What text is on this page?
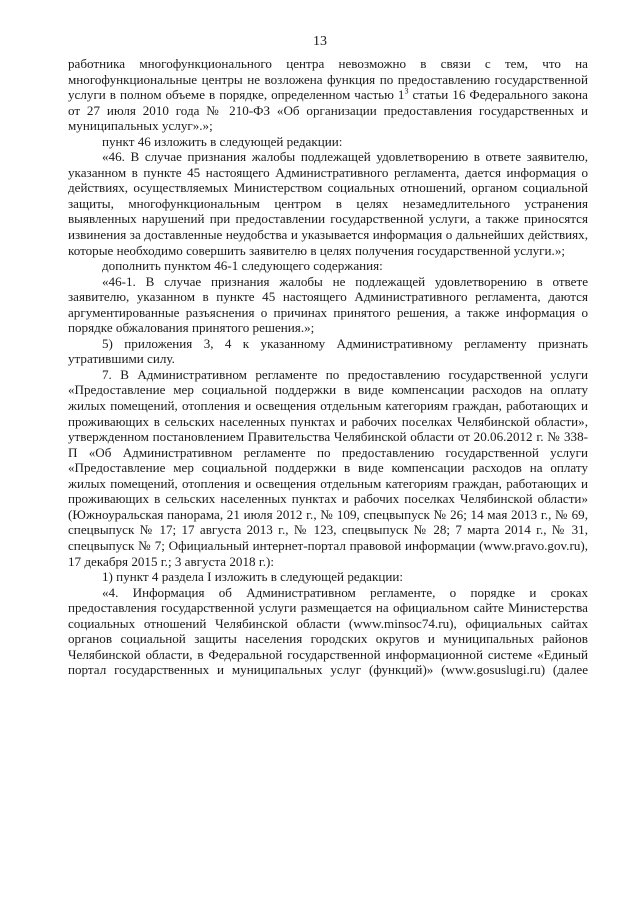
13

работника многофункционального центра невозможно в связи с тем, что на многофункциональные центры не возложена функция по предоставлению государственной услуги в полном объеме в порядке, определенном частью $1^3$ статьи 16 Федерального закона от 27 июля 2010 года № 210-ФЗ «Об организации предоставления государственных и муниципальных услуг».»;

пункт 46 изложить в следующей редакции:

«46. В случае признания жалобы подлежащей удовлетворению в ответе заявителю, указанном в пункте 45 настоящего Административного регламента, дается информация о действиях, осуществляемых Министерством социальных отношений, органом социальной защиты, многофункциональным центром в целях незамедлительного устранения выявленных нарушений при предоставлении государственной услуги, а также приносятся извинения за доставленные неудобства и указывается информация о дальнейших действиях, которые необходимо совершить заявителю в целях получения государственной услуги.»;

дополнить пунктом 46-1 следующего содержания:

«46-1. В случае признания жалобы не подлежащей удовлетворению в ответе заявителю, указанном в пункте 45 настоящего Административного регламента, даются аргументированные разъяснения о причинах принятого решения, а также информация о порядке обжалования принятого решения.»;

5) приложения 3, 4 к указанному Административному регламенту признать утратившими силу.

7. В Административном регламенте по предоставлению государственной услуги «Предоставление мер социальной поддержки в виде компенсации расходов на оплату жилых помещений, отопления и освещения отдельным категориям граждан, работающих и проживающих в сельских населенных пунктах и рабочих поселках Челябинской области», утвержденном постановлением Правительства Челябинской области от 20.06.2012 г. № 338-П «Об Административном регламенте по предоставлению государственной услуги «Предоставление мер социальной поддержки в виде компенсации расходов на оплату жилых помещений, отопления и освещения отдельным категориям граждан, работающих и проживающих в сельских населенных пунктах и рабочих поселках Челябинской области» (Южноуральская панорама, 21 июля 2012 г., № 109, спецвыпуск № 26; 14 мая 2013 г., № 69, спецвыпуск № 17; 17 августа 2013 г., № 123, спецвыпуск № 28; 7 марта 2014 г., № 31, спецвыпуск № 7; Официальный интернет-портал правовой информации (www.pravo.gov.ru), 17 декабря 2015 г.; 3 августа 2018 г.):

1) пункт 4 раздела I изложить в следующей редакции:

«4. Информация об Административном регламенте, о порядке и сроках предоставления государственной услуги размещается на официальном сайте Министерства социальных отношений Челябинской области (www.minsoc74.ru), официальных сайтах органов социальной защиты населения городских округов и муниципальных районов Челябинской области, в Федеральной государственной информационной системе «Единый портал государственных и муниципальных услуг (функций)» (www.gosuslugi.ru) (далее
